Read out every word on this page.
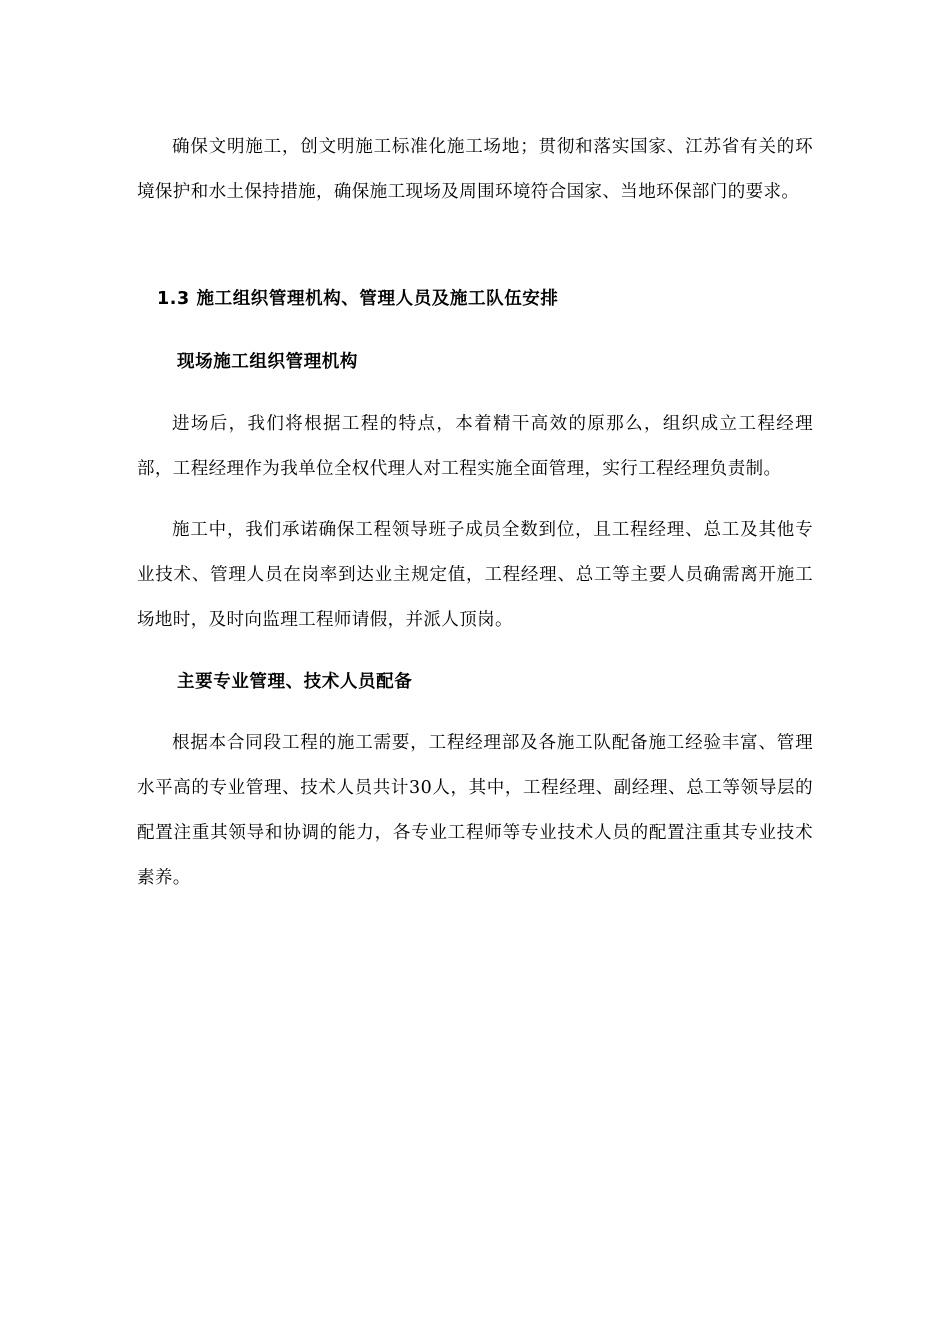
确保文明施工，创文明施工标准化施工场地；贯彻和落实国家、江苏省有关的环境保护和水土保持措施，确保施工现场及周围环境符合国家、当地环保部门的要求。

1.3 施工组织管理机构、管理人员及施工队伍安排
现场施工组织管理机构

进场后，我们将根据工程的特点，本着精干高效的原那么，组织成立工程经理部，工程经理作为我单位全权代理人对工程实施全面管理，实行工程经理负责制。

施工中，我们承诺确保工程领导班子成员全数到位，且工程经理、总工及其他专业技术、管理人员在岗率到达业主规定值，工程经理、总工等主要人员确需离开施工场地时，及时向监理工程师请假，并派人顶岗。

主要专业管理、技术人员配备

根据本合同段工程的施工需要，工程经理部及各施工队配备施工经验丰富、管理水平高的专业管理、技术人员共计30人，其中，工程经理、副经理、总工等领导层的配置注重其领导和协调的能力，各专业工程师等专业技术人员的配置注重其专业技术素养。
